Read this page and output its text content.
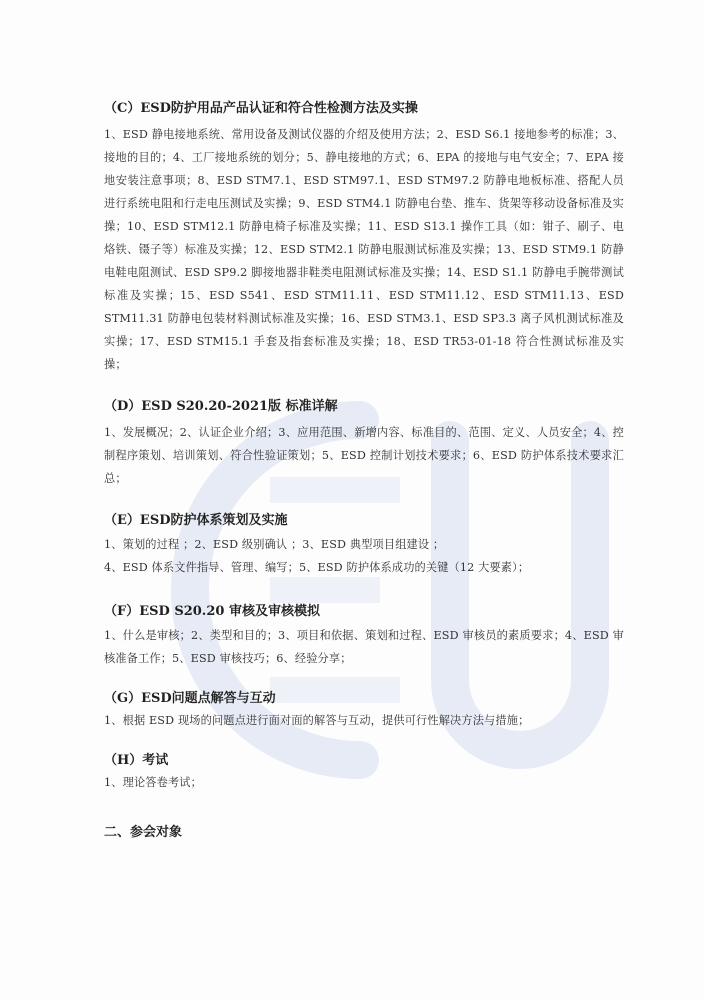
（C）ESD防护用品产品认证和符合性检测方法及实操

1、ESD 静电接地系统、常用设备及测试仪器的介绍及使用方法；2、ESD S6.1 接地参考的标准；3、接地的目的；4、工厂接地系统的划分；5、静电接地的方式；6、EPA 的接地与电气安全；7、EPA 接地安装注意事项；8、ESD STM7.1、ESD STM97.1、ESD STM97.2 防静电地板标准、搭配人员进行系统电阻和行走电压测试及实操；9、ESD STM4.1 防静电台垫、推车、货架等移动设备标准及实操；10、ESD STM12.1 防静电椅子标准及实操；11、ESD S13.1 操作工具（如：钳子、刷子、电烙铁、镊子等）标准及实操；12、ESD STM2.1 防静电服测试标准及实操；13、ESD STM9.1 防静电鞋电阻测试、ESD SP9.2 脚接地器非鞋类电阻测试标准及实操；14、ESD S1.1 防静电手腕带测试标准及实操；15、ESD S541、ESD STM11.11、ESD STM11.12、ESD STM11.13、ESD STM11.31 防静电包装材料测试标准及实操；16、ESD STM3.1、ESD SP3.3 离子风机测试标准及实操；17、ESD STM15.1 手套及指套标准及实操；18、ESD TR53-01-18 符合性测试标准及实操；

（D）ESD S20.20-2021版 标准详解

1、发展概况；2、认证企业介绍；3、应用范围、新增内容、标准目的、范围、定义、人员安全；4、控制程序策划、培训策划、符合性验证策划；5、ESD 控制计划技术要求；6、ESD 防护体系技术要求汇总；

（E）ESD防护体系策划及实施

1、策划的过程 ；2、ESD 级别确认 ；3、ESD 典型项目组建设 ；

4、ESD 体系文件指导、管理、编写；5、ESD 防护体系成功的关键（12 大要素）；

（F）ESD S20.20 审核及审核模拟

1、什么是审核；2、类型和目的；3、项目和依据、策划和过程、ESD 审核员的素质要求；4、ESD 审核准备工作；5、ESD 审核技巧；6、经验分享；

（G）ESD问题点解答与互动

1、根据 ESD 现场的问题点进行面对面的解答与互动，提供可行性解决方法与措施；

（H）考试

1、理论答卷考试；

二、参会对象
